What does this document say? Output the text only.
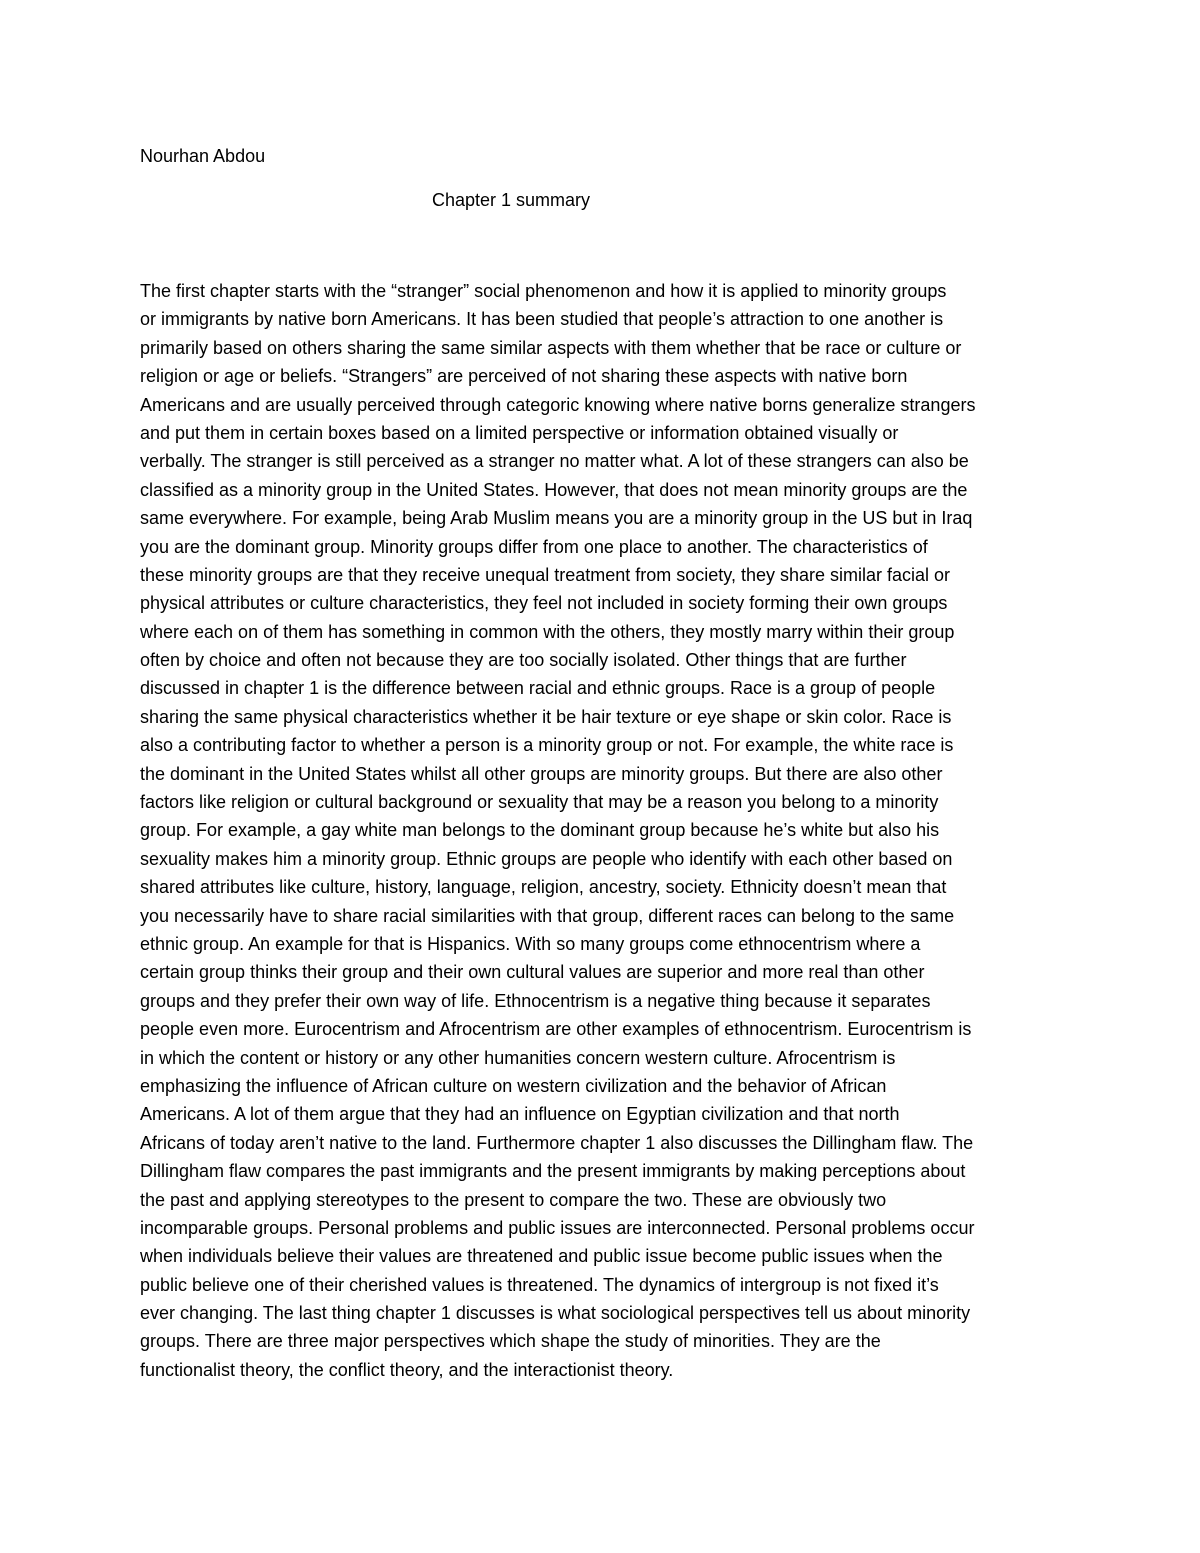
Nourhan Abdou
Chapter 1 summary
The first chapter starts with the “stranger” social phenomenon and how it is applied to minority groups
or immigrants by native born Americans. It has been studied that people’s attraction to one another is
primarily based on others sharing the same similar aspects with them whether that be race or culture or
religion or age or beliefs. “Strangers” are perceived of not sharing these aspects with native born
Americans and are usually perceived through categoric knowing where native borns generalize strangers
and put them in certain boxes based on a limited perspective or information obtained visually or
verbally. The stranger is still perceived as a stranger no matter what. A lot of these strangers can also be
classified as a minority group in the United States. However, that does not mean minority groups are the
same everywhere. For example, being Arab Muslim means you are a minority group in the US but in Iraq
you are the dominant group. Minority groups differ from one place to another. The characteristics of
these minority groups are that they receive unequal treatment from society, they share similar facial or
physical attributes or culture characteristics, they feel not included in society forming their own groups
where each on of them has something in common with the others, they mostly marry within their group
often by choice and often not because they are too socially isolated. Other things that are further
discussed in chapter 1 is the difference between racial and ethnic groups. Race is a group of people
sharing the same physical characteristics whether it be hair texture or eye shape or skin color. Race is
also a contributing factor to whether a person is a minority group or not. For example, the white race is
the dominant in the United States whilst all other groups are minority groups. But there are also other
factors like religion or cultural background or sexuality that may be a reason you belong to a minority
group. For example, a gay white man belongs to the dominant group because he’s white but also his
sexuality makes him a minority group. Ethnic groups are people who identify with each other based on
shared attributes like culture, history, language, religion, ancestry, society. Ethnicity doesn’t mean that
you necessarily have to share racial similarities with that group, different races can belong to the same
ethnic group. An example for that is Hispanics. With so many groups come ethnocentrism where a
certain group thinks their group and their own cultural values are superior and more real than other
groups and they prefer their own way of life. Ethnocentrism is a negative thing because it separates
people even more. Eurocentrism and Afrocentrism are other examples of ethnocentrism. Eurocentrism is
in which the content or history or any other humanities concern western culture. Afrocentrism is
emphasizing the influence of African culture on western civilization and the behavior of African
Americans. A lot of them argue that they had an influence on Egyptian civilization and that north
Africans of today aren’t native to the land. Furthermore chapter 1 also discusses the Dillingham flaw. The
Dillingham flaw compares the past immigrants and the present immigrants by making perceptions about
the past and applying stereotypes to the present to compare the two. These are obviously two
incomparable groups. Personal problems and public issues are interconnected. Personal problems occur
when individuals believe their values are threatened and public issue become public issues when the
public believe one of their cherished values is threatened. The dynamics of intergroup is not fixed it’s
ever changing. The last thing chapter 1 discusses is what sociological perspectives tell us about minority
groups. There are three major perspectives which shape the study of minorities. They are the
functionalist theory, the conflict theory, and the interactionist theory.
